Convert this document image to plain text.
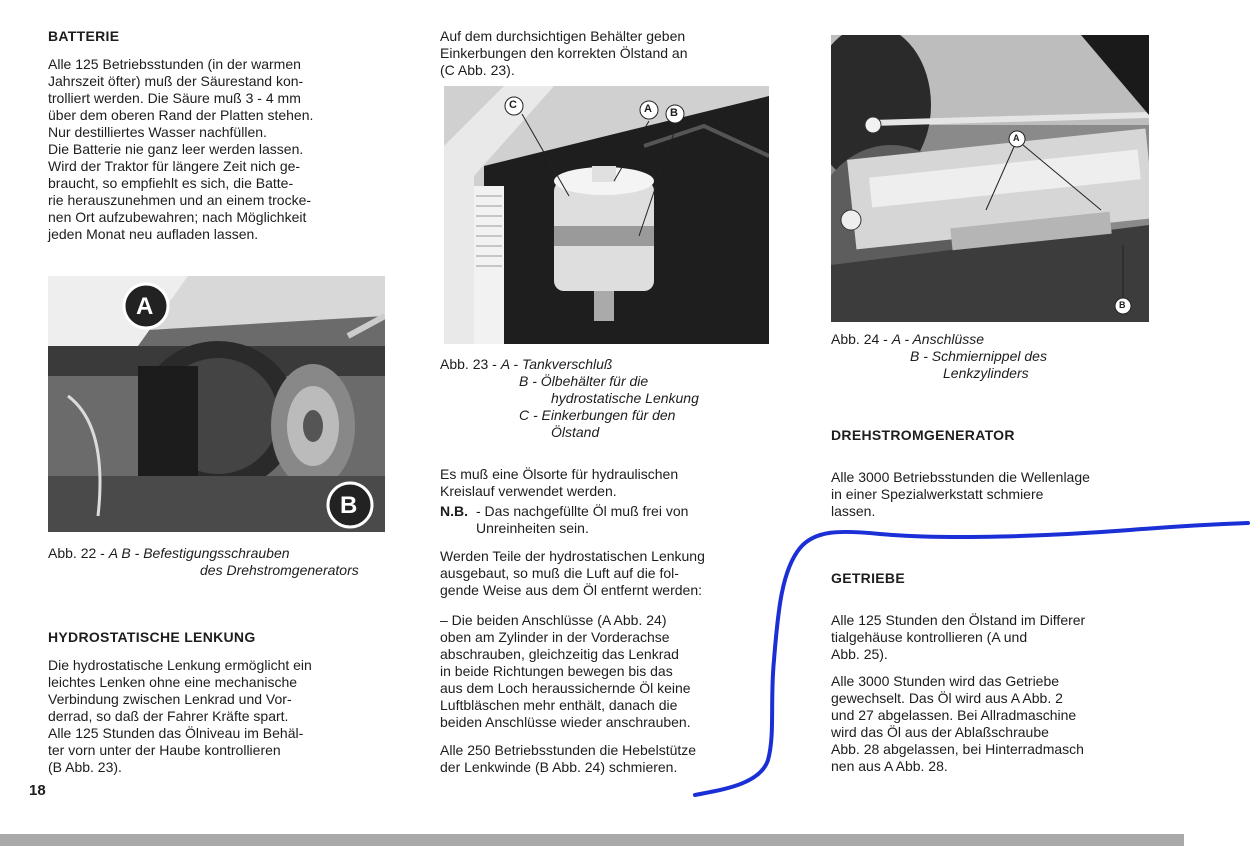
BATTERIE
Alle 125 Betriebsstunden (in der warmen
Jahrszeit öfter) muß der Säurestand kon-
trolliert werden. Die Säure muß 3 - 4 mm
über dem oberen Rand der Platten stehen.
Nur destilliertes Wasser nachfüllen.
Die Batterie nie ganz leer werden lassen.
Wird der Traktor für längere Zeit nich ge-
braucht, so empfiehlt es sich, die Batte-
rie herauszunehmen und an einem trocke-
nen Ort aufzubewahren; nach Möglichkeit
jeden Monat neu aufladen lassen.
A
B
Abb. 22 - A B - Befestigungsschrauben
des Drehstromgenerators
HYDROSTATISCHE LENKUNG
Die hydrostatische Lenkung ermöglicht ein
leichtes Lenken ohne eine mechanische
Verbindung zwischen Lenkrad und Vor-
derrad, so daß der Fahrer Kräfte spart.
Alle 125 Stunden das Ölniveau im Behäl-
ter vorn unter der Haube kontrollieren
(B Abb. 23).
18
Auf dem durchsichtigen Behälter geben
Einkerbungen den korrekten Ölstand an
(C Abb. 23).
C	A B
Abb. 23 - A - Tankverschluß
B - Ölbehälter für die
hydrostatische Lenkung
C - Einkerbungen für den
Ölstand
Es muß eine Ölsorte für hydraulischen
Kreislauf verwendet werden.
N.B. - Das nachgefüllte Öl muß frei von
Unreinheiten sein.
Werden Teile der hydrostatischen Lenkung
ausgebaut, so muß die Luft auf die fol-
gende Weise aus dem Öl entfernt werden:
– Die beiden Anschlüsse (A Abb. 24)
oben am Zylinder in der Vorderachse
abschrauben, gleichzeitig das Lenkrad
in beide Richtungen bewegen bis das
aus dem Loch heraussichernde Öl keine
Luftbläschen mehr enthält, danach die
beiden Anschlüsse wieder anschrauben.
Alle 250 Betriebsstunden die Hebelstütze
der Lenkwinde (B Abb. 24) schmieren.
A
B
Abb. 24 - A - Anschlüsse
B - Schmiernippel des
Lenkzylinders
DREHSTROMGENERATOR
Alle 3000 Betriebsstunden die Wellenlage
in einer Spezialwerkstatt schmiere
lassen.
GETRIEBE
Alle 125 Stunden den Ölstand im Differer
tialgehäuse kontrollieren (A und
Abb. 25).
Alle 3000 Stunden wird das Getriebe
gewechselt. Das Öl wird aus A Abb. 2
und 27 abgelassen. Bei Allradmaschine
wird das Öl aus der Ablaßschraube
Abb. 28 abgelassen, bei Hinterradmasch
nen aus A Abb. 28.
